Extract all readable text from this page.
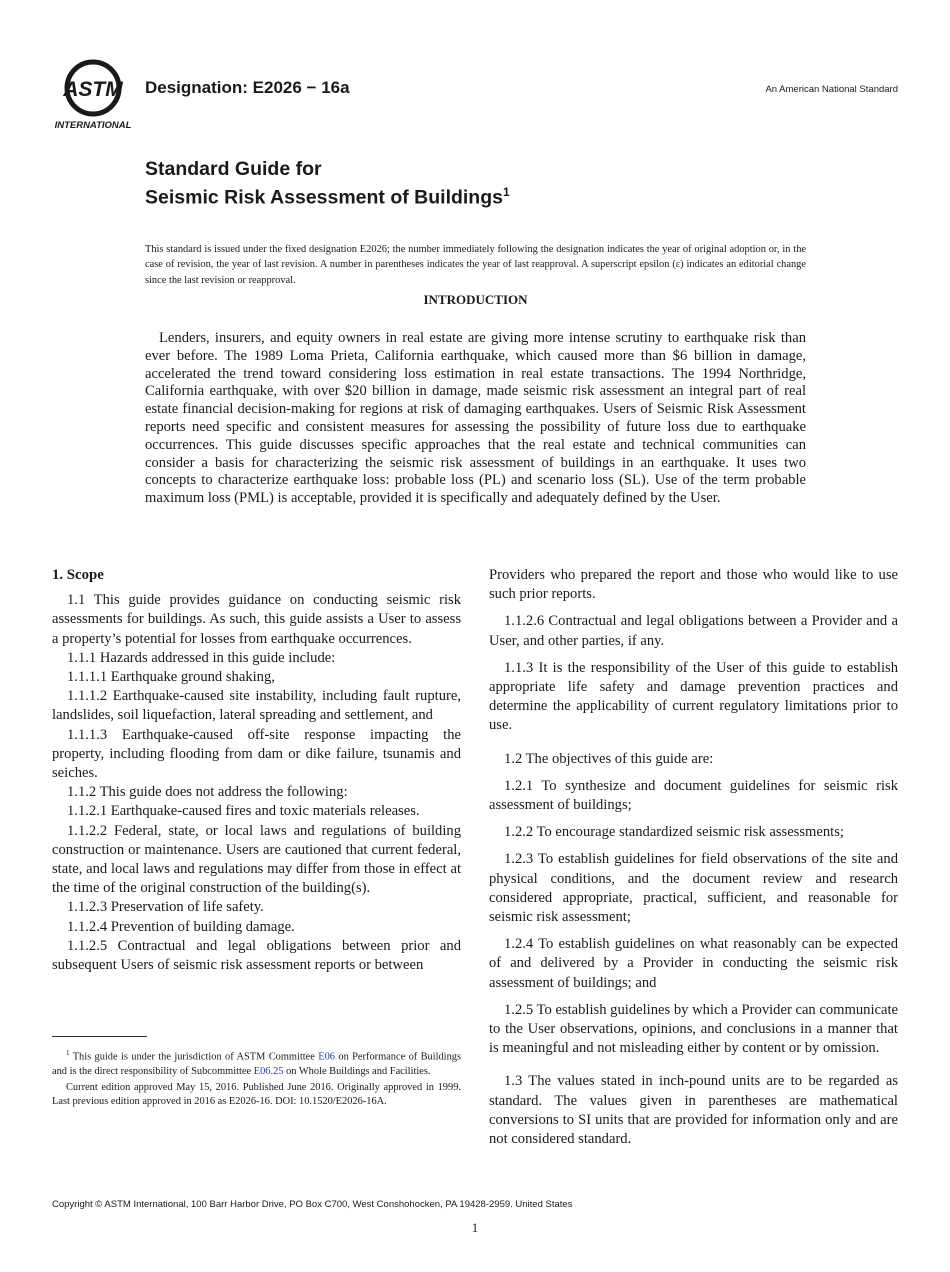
ASTM
INTERNATIONAL
Designation: E2026 − 16a	An American National Standard
Standard Guide for
Seismic Risk Assessment of Buildings$^1$
This standard is issued under the fixed designation E2026; the number immediately following the designation indicates the year of original adoption or, in the case of revision, the year of last revision. A number in parentheses indicates the year of last reapproval. A superscript epsilon (ε) indicates an editorial change since the last revision or reapproval.
INTRODUCTION
Lenders, insurers, and equity owners in real estate are giving more intense scrutiny to earthquake risk than ever before. The 1989 Loma Prieta, California earthquake, which caused more than $6 billion in damage, accelerated the trend toward considering loss estimation in real estate transactions. The 1994 Northridge, California earthquake, with over $20 billion in damage, made seismic risk assessment an integral part of real estate financial decision-making for regions at risk of damaging earthquakes. Users of Seismic Risk Assessment reports need specific and consistent measures for assessing the possibility of future loss due to earthquake occurrences. This guide discusses specific approaches that the real estate and technical communities can consider a basis for characterizing the seismic risk assessment of buildings in an earthquake. It uses two concepts to characterize earthquake loss: probable loss (PL) and scenario loss (SL). Use of the term probable maximum loss (PML) is acceptable, provided it is specifically and adequately defined by the User.
1. Scope

1.1 This guide provides guidance on conducting seismic risk assessments for buildings. As such, this guide assists a User to assess a property’s potential for losses from earthquake occurrences.

1.1.1 Hazards addressed in this guide include:

1.1.1.1 Earthquake ground shaking,

1.1.1.2 Earthquake-caused site instability, including fault rupture, landslides, soil liquefaction, lateral spreading and settlement, and

1.1.1.3 Earthquake-caused off-site response impacting the property, including flooding from dam or dike failure, tsunamis and seiches.

1.1.2 This guide does not address the following:

1.1.2.1 Earthquake-caused fires and toxic materials releases.

1.1.2.2 Federal, state, or local laws and regulations of building construction or maintenance. Users are cautioned that current federal, state, and local laws and regulations may differ from those in effect at the time of the original construction of the building(s).

1.1.2.3 Preservation of life safety.

1.1.2.4 Prevention of building damage.

1.1.2.5 Contractual and legal obligations between prior and subsequent Users of seismic risk assessment reports or between

Providers who prepared the report and those who would like to use such prior reports.

1.1.2.6 Contractual and legal obligations between a Provider and a User, and other parties, if any.

1.1.3 It is the responsibility of the User of this guide to establish appropriate life safety and damage prevention practices and determine the applicability of current regulatory limitations prior to use.

1.2 The objectives of this guide are:

1.2.1 To synthesize and document guidelines for seismic risk assessment of buildings;

1.2.2 To encourage standardized seismic risk assessments;

1.2.3 To establish guidelines for field observations of the site and physical conditions, and the document review and research considered appropriate, practical, sufficient, and reasonable for seismic risk assessment;

1.2.4 To establish guidelines on what reasonably can be expected of and delivered by a Provider in conducting the seismic risk assessment of buildings; and

1.2.5 To establish guidelines by which a Provider can communicate to the User observations, opinions, and conclusions in a manner that is meaningful and not misleading either by content or by omission.

1.3 The values stated in inch-pound units are to be regarded as standard. The values given in parentheses are mathematical conversions to SI units that are provided for information only and are not considered standard.

$^1$ This guide is under the jurisdiction of ASTM Committee E06 on Performance of Buildings and is the direct responsibility of Subcommittee E06.25 on Whole Buildings and Facilities.

Current edition approved May 15, 2016. Published June 2016. Originally approved in 1999. Last previous edition approved in 2016 as E2026-16. DOI: 10.1520/E2026-16A.

Copyright © ASTM International, 100 Barr Harbor Drive, PO Box C700, West Conshohocken, PA 19428-2959. United States
1
